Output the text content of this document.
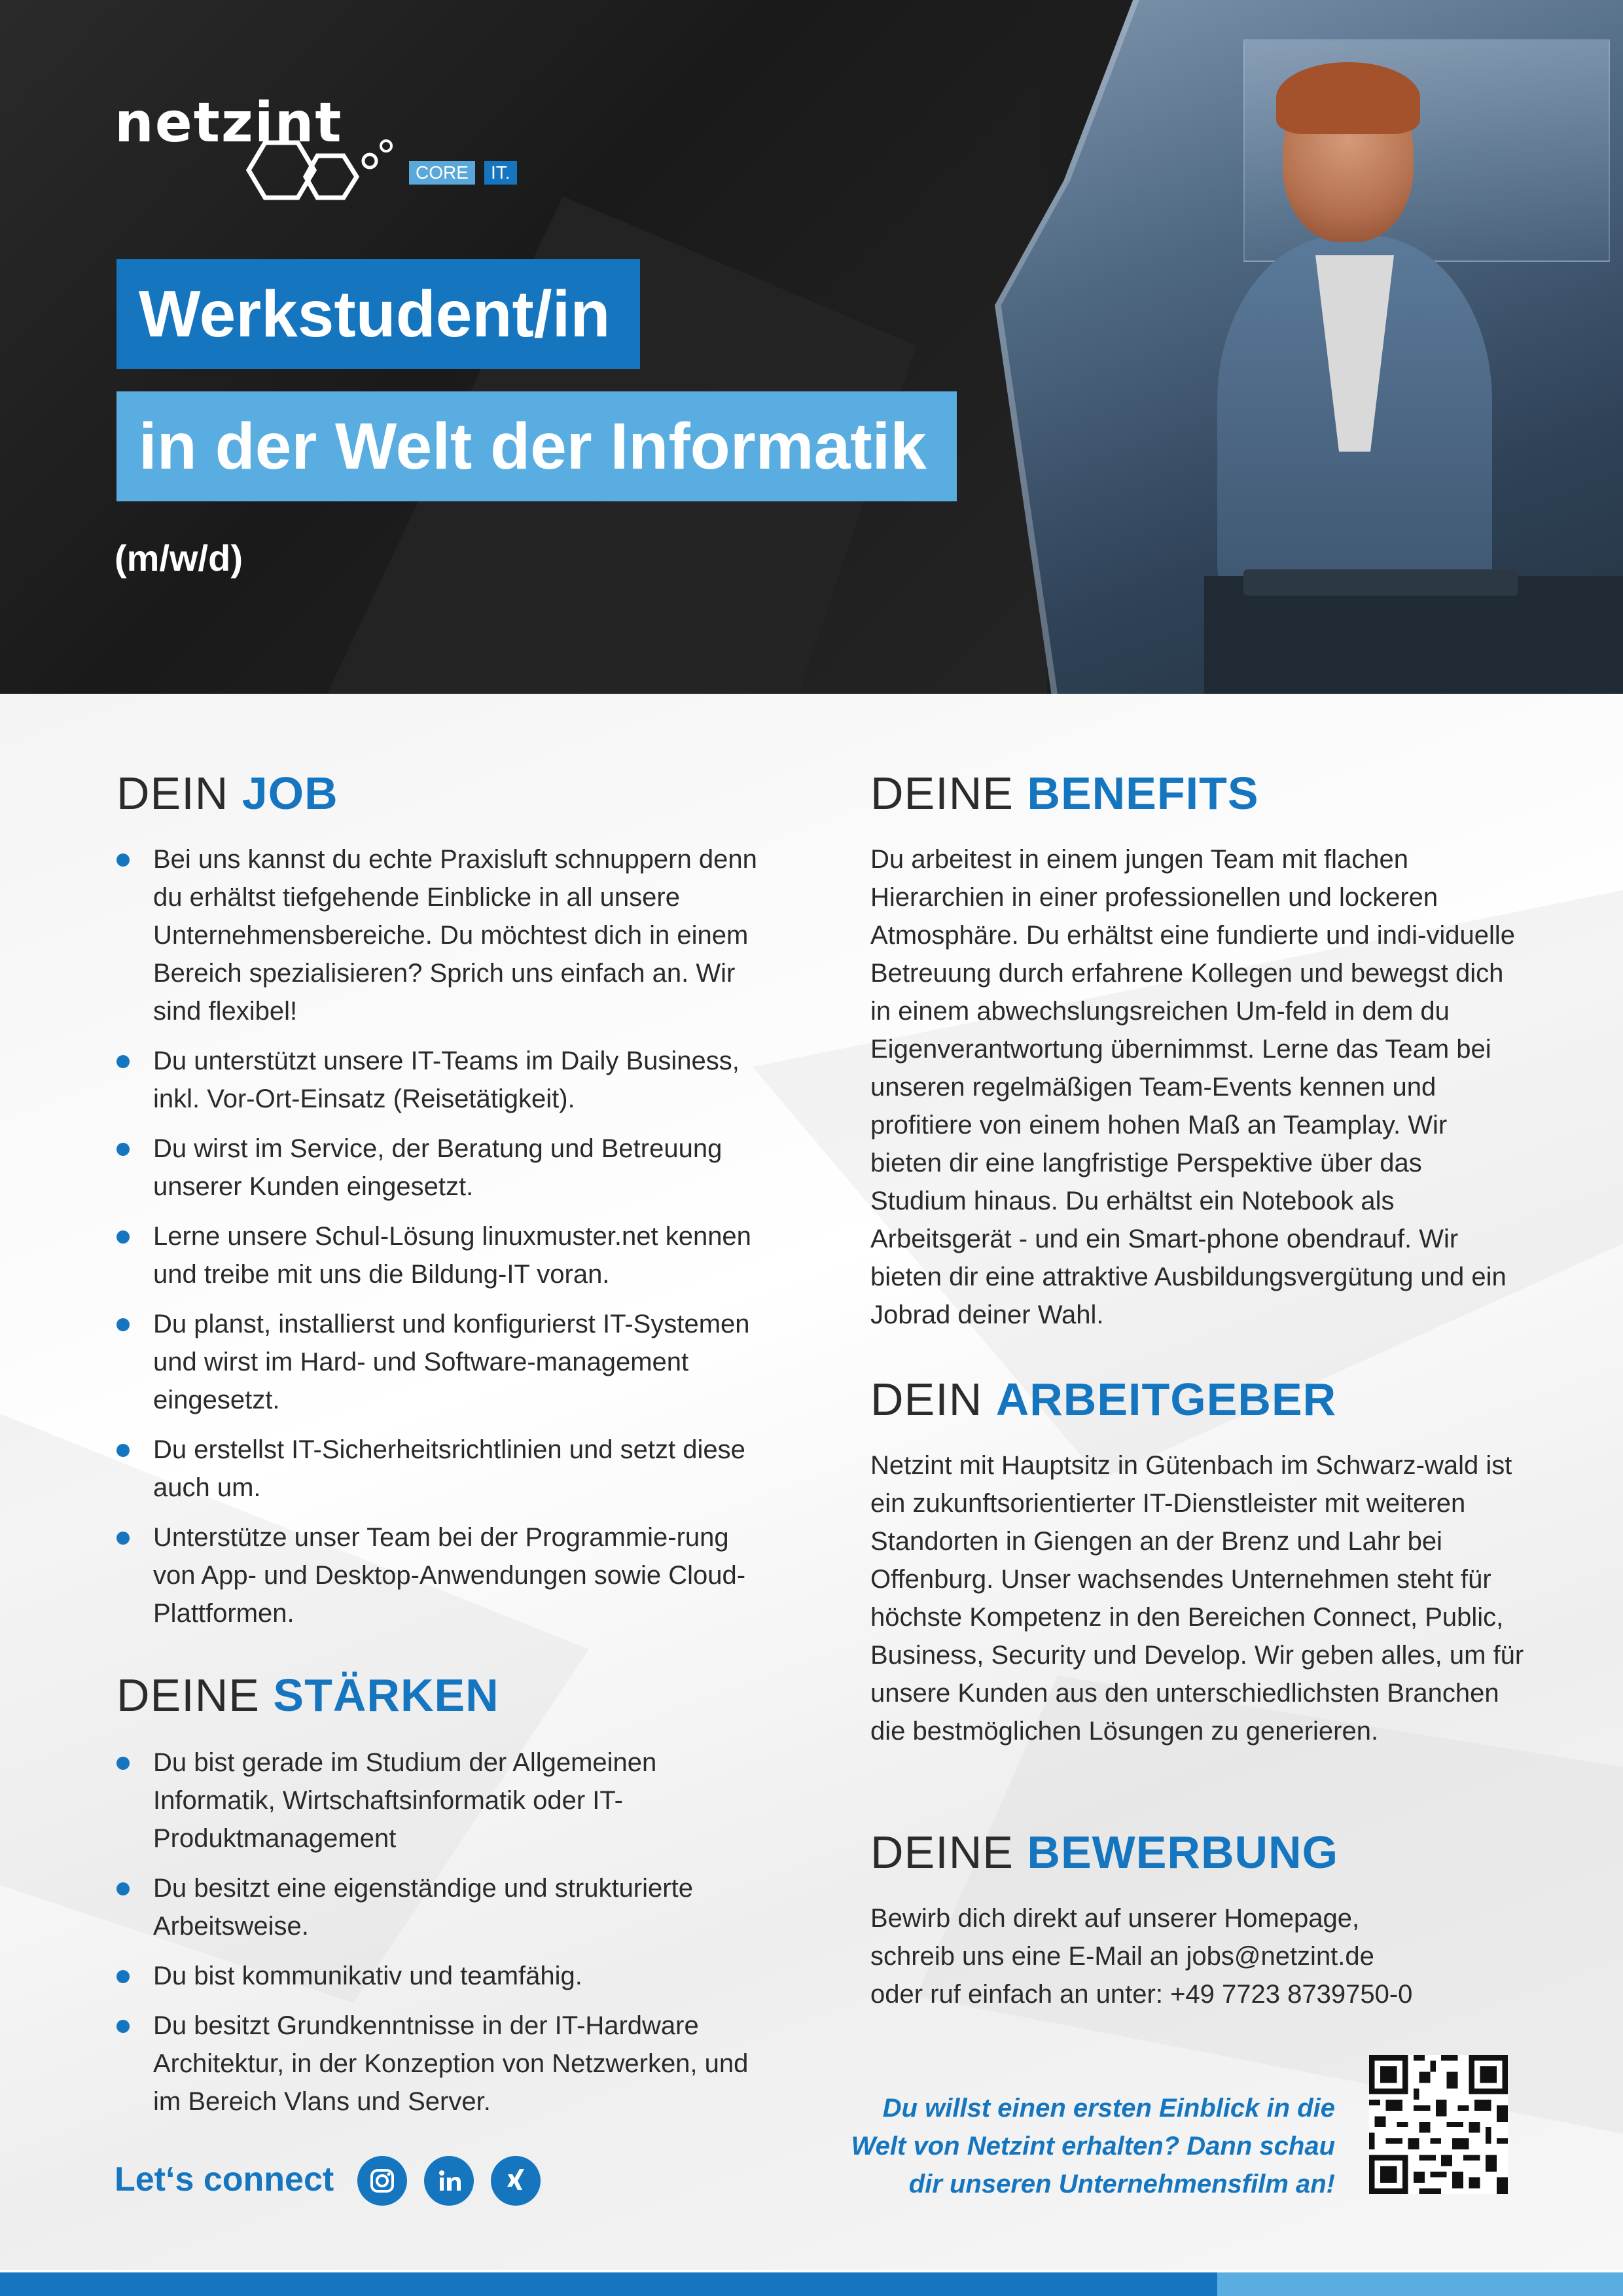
netzint
CORE	IT.
Werkstudent/in
in der Welt der Informatik
(m/w/d)
DEIN JOB
Bei uns kannst du echte Praxisluft schnuppern denn du erhältst tiefgehende Einblicke in all unsere Unternehmensbereiche. Du möchtest dich in einem Bereich spezialisieren? Sprich uns einfach an. Wir sind flexibel!
Du unterstützt unsere IT-Teams im Daily Business, inkl. Vor-Ort-Einsatz (Reisetätigkeit).
Du wirst im Service, der Beratung und Betreuung unserer Kunden eingesetzt.
Lerne unsere Schul-Lösung linuxmuster.net kennen und treibe mit uns die Bildung-IT voran.
Du planst, installierst und konfigurierst IT-Systemen und wirst im Hard- und Software-management eingesetzt.
Du erstellst IT-Sicherheitsrichtlinien und setzt diese auch um.
Unterstütze unser Team bei der Programmie-rung von App- und Desktop-Anwendungen sowie Cloud-Plattformen.
DEINE STÄRKEN
Du bist gerade im Studium der Allgemeinen Informatik, Wirtschaftsinformatik oder IT-Produktmanagement
Du besitzt eine eigenständige und strukturierte Arbeitsweise.
Du bist kommunikativ und teamfähig.
Du besitzt Grundkenntnisse in der IT-Hardware Architektur, in der Konzeption von Netzwerken, und im Bereich Vlans und Server.
DEINE BENEFITS
Du arbeitest in einem jungen Team mit flachen Hierarchien in einer professionellen und lockeren Atmosphäre. Du erhältst eine fundierte und indi-viduelle Betreuung durch erfahrene Kollegen und bewegst dich in einem abwechslungsreichen Um-feld in dem du Eigenverantwortung übernimmst. Lerne das Team bei unseren regelmäßigen Team-Events kennen und profitiere von einem hohen Maß an Teamplay. Wir bieten dir eine langfristige Perspektive über das Studium hinaus. Du erhältst ein Notebook als Arbeitsgerät - und ein Smart-phone obendrauf. Wir bieten dir eine attraktive Ausbildungsvergütung und ein Jobrad deiner Wahl.
DEIN ARBEITGEBER
Netzint mit Hauptsitz in Gütenbach im Schwarz-wald ist ein zukunftsorientierter IT-Dienstleister mit weiteren Standorten in Giengen an der Brenz und Lahr bei Offenburg. Unser wachsendes Unternehmen steht für höchste Kompetenz in den Bereichen Connect, Public, Business, Security und Develop. Wir geben alles, um für unsere Kunden aus den unterschiedlichsten Branchen die bestmöglichen Lösungen zu generieren.
DEINE BEWERBUNG
Bewirb dich direkt auf unserer Homepage,
schreib uns eine E-Mail an jobs@netzint.de
oder ruf einfach an unter: +49 7723 8739750-0
Let‘s connect
Du willst einen ersten Einblick in die
Welt von Netzint erhalten? Dann schau
dir unseren Unternehmensfilm an!
